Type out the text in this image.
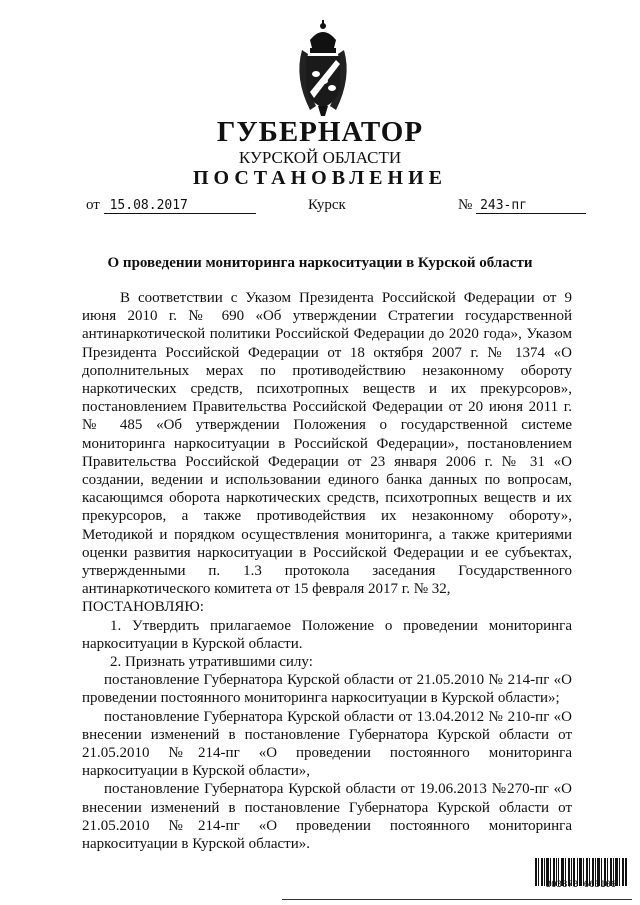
ГУБЕРНАТОР
КУРСКОЙ ОБЛАСТИ
ПОСТАНОВЛЕНИЕ
от 15.08.2017	Курск	№ 243-пг
О проведении мониторинга наркоситуации в Курской области

В соответствии с Указом Президента Российской Федерации от 9 июня 2010 г. № 690 «Об утверждении Стратегии государственной антинаркотической политики Российской Федерации до 2020 года», Указом Президента Российской Федерации от 18 октября 2007 г. № 1374 «О дополнительных мерах по противодействию незаконному обороту наркотических средств, психотропных веществ и их прекурсоров», постановлением Правительства Российской Федерации от 20 июня 2011 г. № 485 «Об утверждении Положения о государственной системе мониторинга наркоситуации в Российской Федерации», постановлением Правительства Российской Федерации от 23 января 2006 г. № 31 «О создании, ведении и использовании единого банка данных по вопросам, касающимся оборота наркотических средств, психотропных веществ и их прекурсоров, а также противодействия их незаконному обороту», Методикой и порядком осуществления мониторинга, а также критериями оценки развития наркоситуации в Российской Федерации и ее субъектах, утвержденными п. 1.3 протокола заседания Государственного антинаркотического комитета от 15 февраля 2017 г. № 32,

ПОСТАНОВЛЯЮ:

1. Утвердить прилагаемое Положение о проведении мониторинга наркоситуации в Курской области.

2. Признать утратившими силу:

постановление Губернатора Курской области от 21.05.2010 № 214-пг «О проведении постоянного мониторинга наркоситуации в Курской области»;

постановление Губернатора Курской области от 13.04.2012 № 210-пг «О внесении изменений в постановление Губернатора Курской области от 21.05.2010 №214-пг «О проведении постоянного мониторинга наркоситуации в Курской области»,

постановление Губернатора Курской области от 19.06.2013 №270-пг «О внесении изменений в постановление Губернатора Курской области от 21.05.2010 №214-пг «О проведении постоянного мониторинга наркоситуации в Курской области».

303873 663106
